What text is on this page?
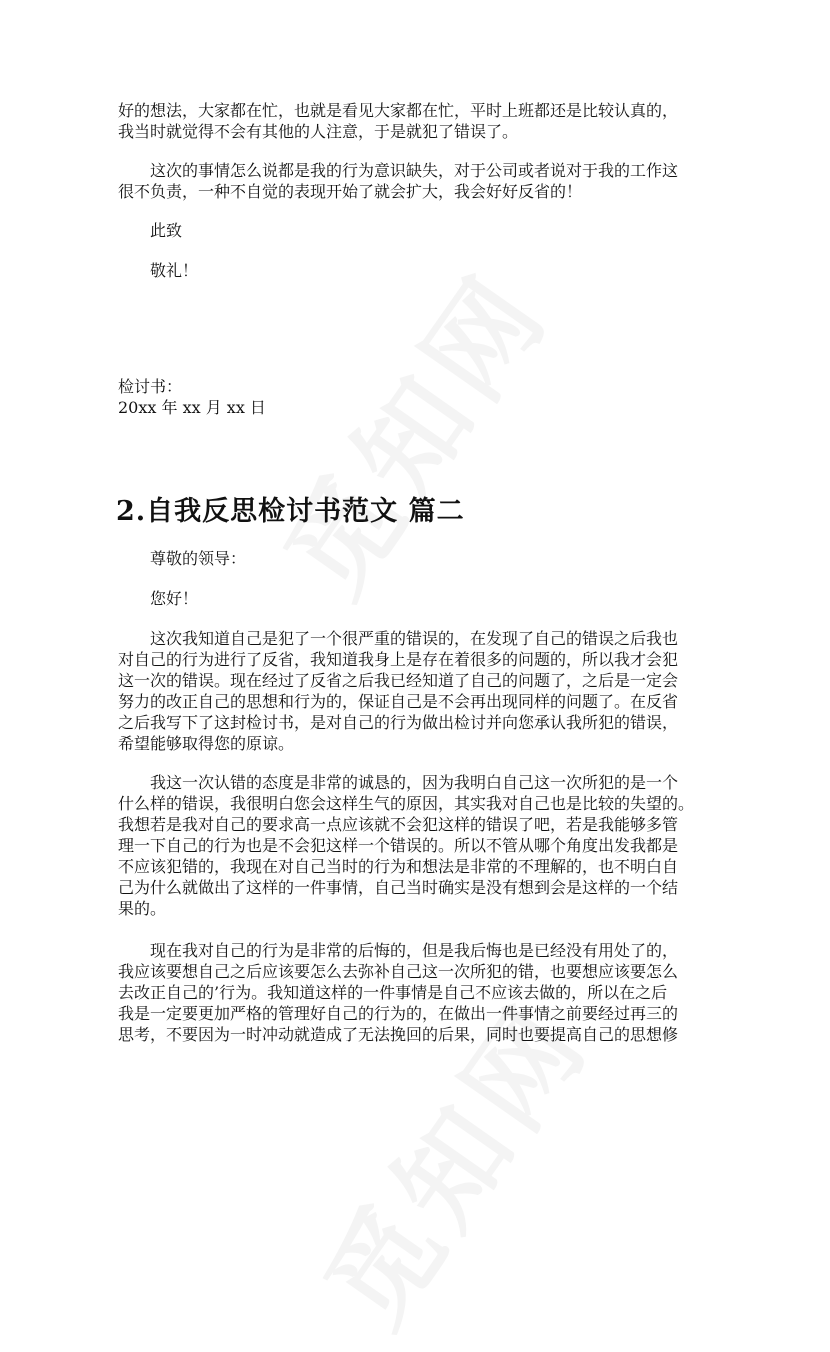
好的想法，大家都在忙，也就是看见大家都在忙，平时上班都还是比较认真的，
我当时就觉得不会有其他的人注意，于是就犯了错误了。
这次的事情怎么说都是我的行为意识缺失，对于公司或者说对于我的工作这
很不负责，一种不自觉的表现开始了就会扩大，我会好好反省的！
此致
敬礼！
检讨书：
20xx 年 xx 月 xx 日
2.自我反思检讨书范文 篇二
尊敬的领导：
您好！
这次我知道自己是犯了一个很严重的错误的，在发现了自己的错误之后我也
对自己的行为进行了反省，我知道我身上是存在着很多的问题的，所以我才会犯
这一次的错误。现在经过了反省之后我已经知道了自己的问题了，之后是一定会
努力的改正自己的思想和行为的，保证自己是不会再出现同样的问题了。在反省
之后我写下了这封检讨书，是对自己的行为做出检讨并向您承认我所犯的错误，
希望能够取得您的原谅。
我这一次认错的态度是非常的诚恳的，因为我明白自己这一次所犯的是一个
什么样的错误，我很明白您会这样生气的原因，其实我对自己也是比较的失望的。
我想若是我对自己的要求高一点应该就不会犯这样的错误了吧，若是我能够多管
理一下自己的行为也是不会犯这样一个错误的。所以不管从哪个角度出发我都是
不应该犯错的，我现在对自己当时的行为和想法是非常的不理解的，也不明白自
己为什么就做出了这样的一件事情，自己当时确实是没有想到会是这样的一个结
果的。
现在我对自己的行为是非常的后悔的，但是我后悔也是已经没有用处了的，
我应该要想自己之后应该要怎么去弥补自己这一次所犯的错，也要想应该要怎么
去改正自己的’行为。我知道这样的一件事情是自己不应该去做的，所以在之后
我是一定要更加严格的管理好自己的行为的，在做出一件事情之前要经过再三的
思考，不要因为一时冲动就造成了无法挽回的后果，同时也要提高自己的思想修
